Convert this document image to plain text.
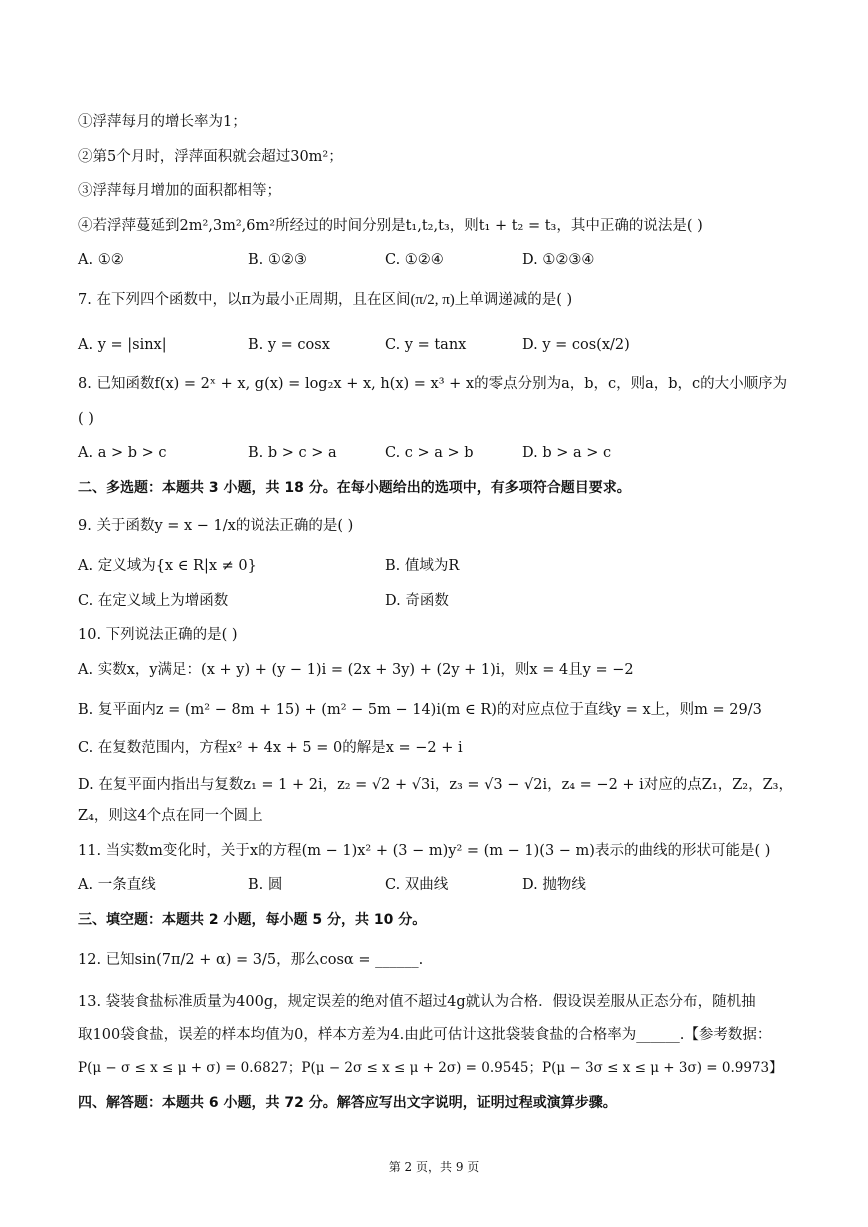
①浮萍每月的增长率为1；
②第5个月时，浮萍面积就会超过30m²；
③浮萍每月增加的面积都相等；
④若浮萍蔓延到2m²,3m²,6m²所经过的时间分别是t₁,t₂,t₃，则t₁ + t₂ = t₃，其中正确的说法是( )
A. ①②	B. ①②③	C. ①②④	D. ①②③④
7. 在下列四个函数中，以π为最小正周期，且在区间(π/2, π)上单调递减的是( )
A. y = |sinx|	B. y = cosx	C. y = tanx	D. y = cos(x/2)
8. 已知函数f(x) = 2ˣ + x, g(x) = log₂x + x, h(x) = x³ + x的零点分别为a，b，c，则a，b，c的大小顺序为
( )
A. a > b > c	B. b > c > a	C. c > a > b	D. b > a > c
二、多选题：本题共 3 小题，共 18 分。在每小题给出的选项中，有多项符合题目要求。
9. 关于函数y = x − 1/x的说法正确的是( )
A. 定义域为{x ∈ R|x ≠ 0}	B. 值域为R
C. 在定义域上为增函数	D. 奇函数
10. 下列说法正确的是( )
A. 实数x，y满足：(x + y) + (y − 1)i = (2x + 3y) + (2y + 1)i，则x = 4且y = −2
B. 复平面内z = (m² − 8m + 15) + (m² − 5m − 14)i(m ∈ R)的对应点位于直线y = x上，则m = 29/3
C. 在复数范围内，方程x² + 4x + 5 = 0的解是x = −2 + i
D. 在复平面内指出与复数z₁ = 1 + 2i，z₂ = √2 + √3i，z₃ = √3 − √2i，z₄ = −2 + i对应的点Z₁，Z₂，Z₃，
Z₄，则这4个点在同一个圆上
11. 当实数m变化时，关于x的方程(m − 1)x² + (3 − m)y² = (m − 1)(3 − m)表示的曲线的形状可能是( )
A. 一条直线	B. 圆	C. 双曲线	D. 抛物线
三、填空题：本题共 2 小题，每小题 5 分，共 10 分。
12. 已知sin(7π/2 + α) = 3/5，那么cosα = ______.
13. 袋装食盐标准质量为400g，规定误差的绝对值不超过4g就认为合格．假设误差服从正态分布，随机抽
取100袋食盐，误差的样本均值为0，样本方差为4.由此可估计这批袋装食盐的合格率为______.【参考数据：
P(μ − σ ≤ x ≤ μ + σ) = 0.6827；P(μ − 2σ ≤ x ≤ μ + 2σ) = 0.9545；P(μ − 3σ ≤ x ≤ μ + 3σ) = 0.9973】
四、解答题：本题共 6 小题，共 72 分。解答应写出文字说明，证明过程或演算步骤。
第 2 页，共 9 页
